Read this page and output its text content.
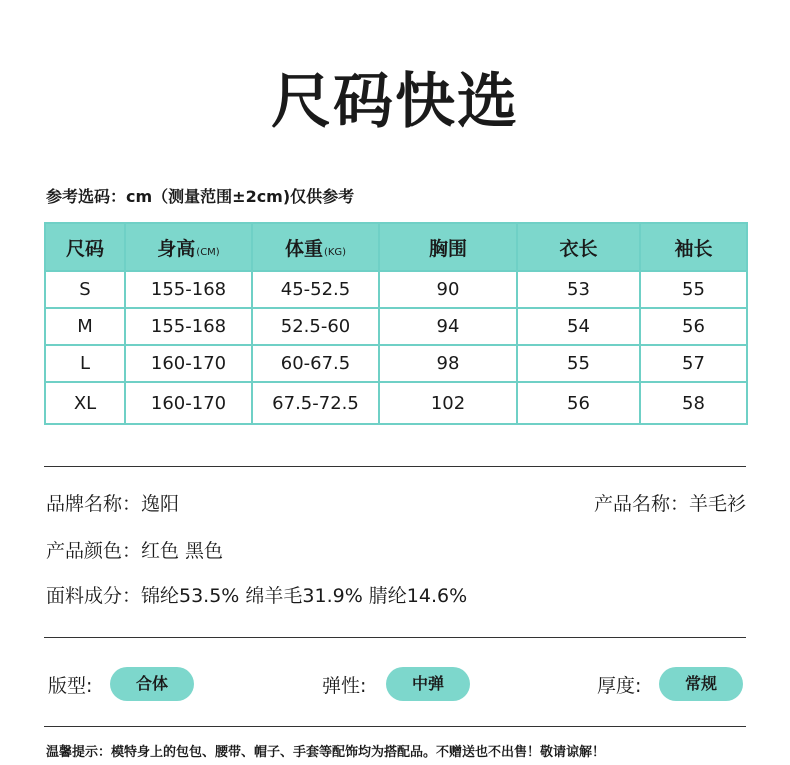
尺码快选
参考选码：cm（测量范围±2cm)仅供参考
尺码	身高(CM)	体重(KG)	胸围	衣长	袖长
S	155-168	45-52.5	90	53	55
M	155-168	52.5-60	94	54	56
L	160-170	60-67.5	98	55	57
XL	160-170	67.5-72.5	102	56	58
品牌名称：逸阳	产品名称：羊毛衫
产品颜色：红色 黑色
面料成分：锦纶53.5% 绵羊毛31.9% 腈纶14.6%
版型:	合体	弹性:	中弹	厚度:	常规
温馨提示：模特身上的包包、腰带、帽子、手套等配饰均为搭配品。不赠送也不出售！敬请谅解！
